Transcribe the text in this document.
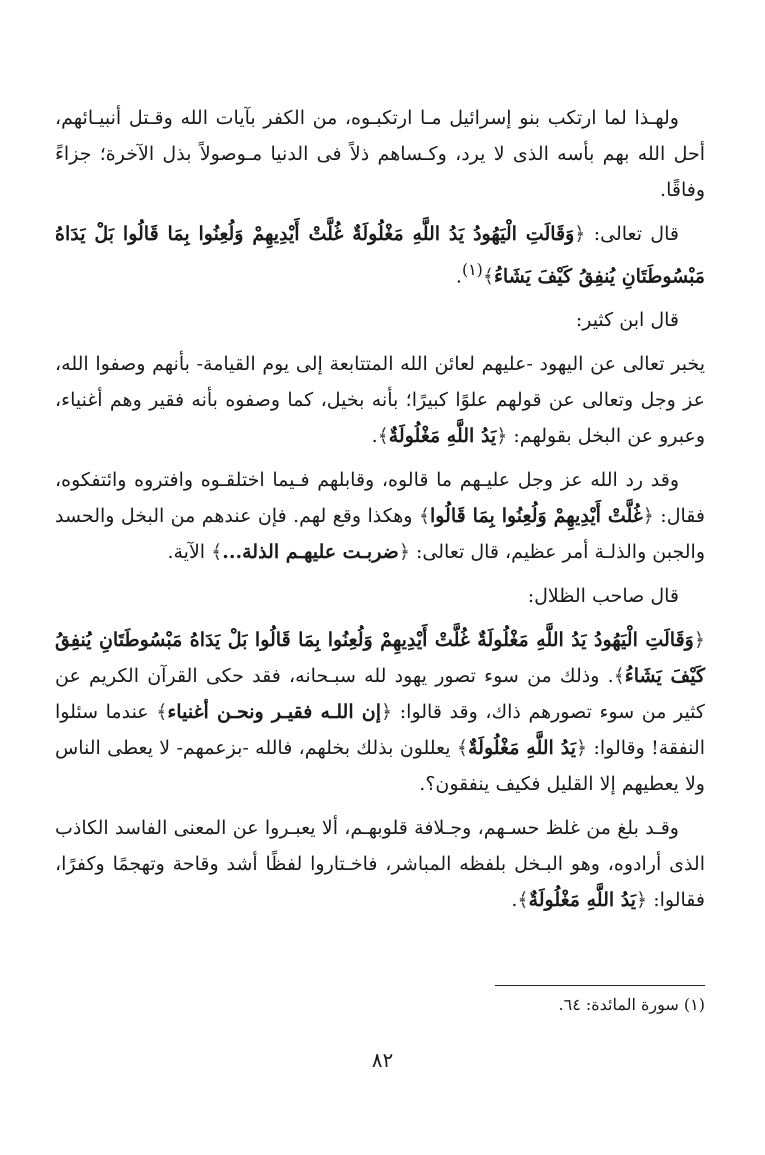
ولهـذا لما ارتكب بنو إسرائيل مـا ارتكبـوه، من الكفر بآيات الله وقـتل أنبيـائهم، أحل الله بهم بأسه الذى لا يرد، وكـساهم ذلاً فى الدنيا مـوصولاً بذل الآخرة؛ جزاءً وفاقًا.

قال تعالى: ﴿وَقَالَتِ الْيَهُودُ يَدُ اللَّهِ مَغْلُولَةٌ غُلَّتْ أَيْدِيهِمْ وَلُعِنُوا بِمَا قَالُوا بَلْ يَدَاهُ مَبْسُوطَتَانِ يُنفِقُ كَيْفَ يَشَاءُ﴾$^{(١)}$.

قال ابن كثير:

يخبر تعالى عن اليهود -عليهم لعائن الله المتتابعة إلى يوم القيامة- بأنهم وصفوا الله، عز وجل وتعالى عن قولهم علوًا كبيرًا؛ بأنه بخيل، كما وصفوه بأنه فقير وهم أغنياء، وعبرو عن البخل بقولهم: ﴿يَدُ اللَّهِ مَغْلُولَةٌ﴾.

وقد رد الله عز وجل عليـهم ما قالوه، وقابلهم فـيما اختلقـوه وافتروه وائتفكوه، فقال: ﴿غُلَّتْ أَيْدِيهِمْ وَلُعِنُوا بِمَا قَالُوا﴾ وهكذا وقع لهم. فإن عندهم من البخل والحسد والجبن والذلـة أمر عظيم، قال تعالى: ﴿ضربـت عليهـم الذلة...﴾ الآية.

قال صاحب الظلال:

﴿وَقَالَتِ الْيَهُودُ يَدُ اللَّهِ مَغْلُولَةٌ غُلَّتْ أَيْدِيهِمْ وَلُعِنُوا بِمَا قَالُوا بَلْ يَدَاهُ مَبْسُوطَتَانِ يُنفِقُ كَيْفَ يَشَاءُ﴾. وذلك من سوء تصور يهود لله سبـحانه، فقد حكى القرآن الكريم عن كثير من سوء تصورهم ذاك، وقد قالوا: ﴿إن اللـه فقيـر ونحـن أغنياء﴾ عندما سئلوا النفقة! وقالوا: ﴿يَدُ اللَّهِ مَغْلُولَةٌ﴾ يعللون بذلك بخلهم، فالله -بزعمهم- لا يعطى الناس ولا يعطيهم إلا القليل فكيف ينفقون؟.

وقـد بلغ من غلظ حسـهم، وجـلافة قلوبهـم، ألا يعبـروا عن المعنى الفاسد الكاذب الذى أرادوه، وهو البـخل بلفظه المباشر، فاخـتاروا لفظًا أشد وقاحة وتهجمًا وكفرًا، فقالوا: ﴿يَدُ اللَّهِ مَغْلُولَةٌ﴾.

(١) سورة المائدة: ٦٤.
٨٢
